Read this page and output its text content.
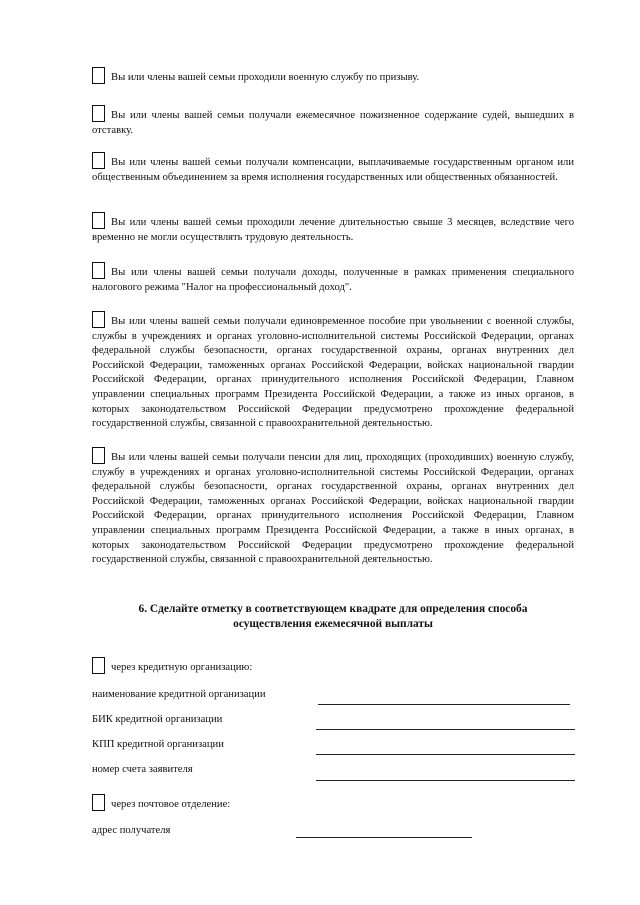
Вы или члены вашей семьи проходили военную службу по призыву.

Вы или члены вашей семьи получали ежемесячное пожизненное содержание судей, вышедших в отставку.

Вы или члены вашей семьи получали компенсации, выплачиваемые государственным органом или общественным объединением за время исполнения государственных или общественных обязанностей.

Вы или члены вашей семьи проходили лечение длительностью свыше 3 месяцев, вследствие чего временно не могли осуществлять трудовую деятельность.

Вы или члены вашей семьи получали доходы, полученные в рамках применения специального налогового режима "Налог на профессиональный доход".

Вы или члены вашей семьи получали единовременное пособие при увольнении с военной службы, службы в учреждениях и органах уголовно-исполнительной системы Российской Федерации, органах федеральной службы безопасности, органах государственной охраны, органах внутренних дел Российской Федерации, таможенных органах Российской Федерации, войсках национальной гвардии Российской Федерации, органах принудительного исполнения Российской Федерации, Главном управлении специальных программ Президента Российской Федерации, а также из иных органов, в которых законодательством Российской Федерации предусмотрено прохождение федеральной государственной службы, связанной с правоохранительной деятельностью.

Вы или члены вашей семьи получали пенсии для лиц, проходящих (проходивших) военную службу, службу в учреждениях и органах уголовно-исполнительной системы Российской Федерации, органах федеральной службы безопасности, органах государственной охраны, органах внутренних дел Российской Федерации, таможенных органах Российской Федерации, войсках национальной гвардии Российской Федерации, органах принудительного исполнения Российской Федерации, Главном управлении специальных программ Президента Российской Федерации, а также в иных органах, в которых законодательством Российской Федерации предусмотрено прохождение федеральной государственной службы, связанной с правоохранительной деятельностью.

6. Сделайте отметку в соответствующем квадрате для определения способа
осуществления ежемесячной выплаты
через кредитную организацию:
наименование кредитной организации
БИК кредитной организации
КПП кредитной организации
номер счета заявителя
через почтовое отделение:
адрес получателя
